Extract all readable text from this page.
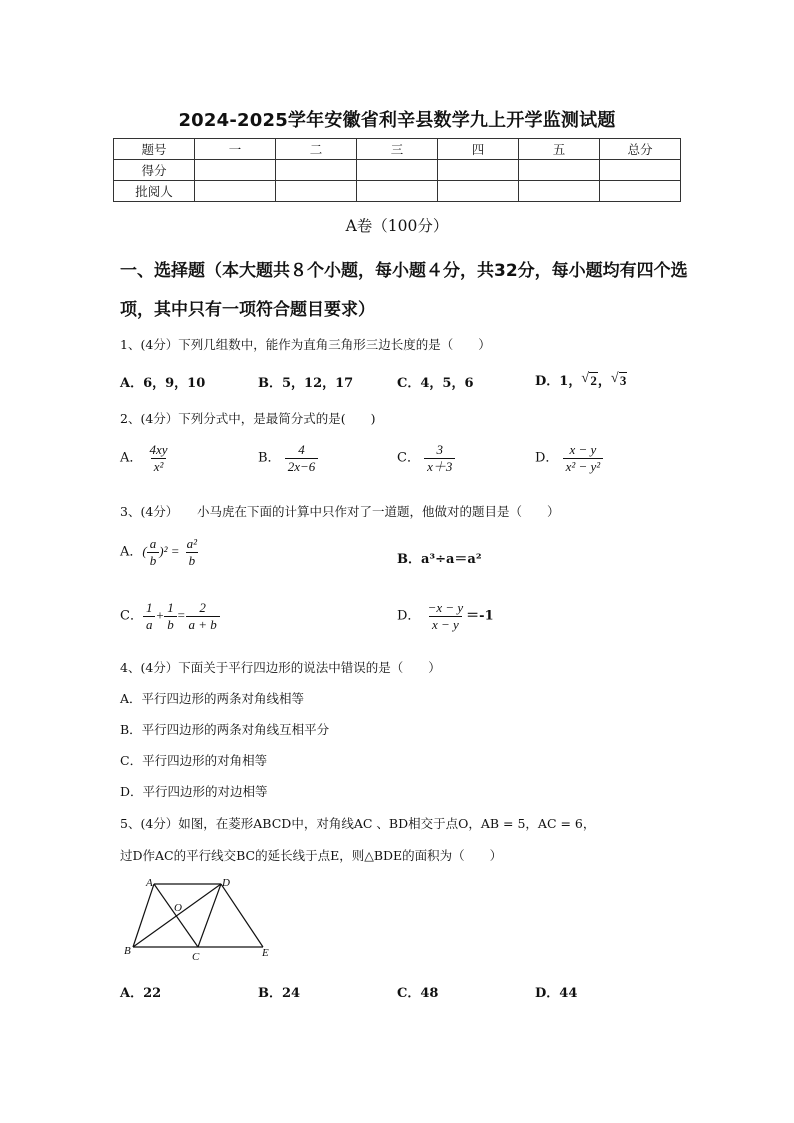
2024-2025学年安徽省利辛县数学九上开学监测试题
题号	一	二	三	四	五	总分
得分						
批阅人						
A卷（100分）
一、选择题（本大题共８个小题，每小题４分，共32分，每小题均有四个选项，其中只有一项符合题目要求）
1、(4分）下列几组数中，能作为直角三角形三边长度的是（　　）
A．6，9，10	B．5，12，17	C．4，5，6	D．1， √ 2， √ 3
2、(4分）下列分式中，是最简分式的是(　　)
A． $\frac{4xy}{\text{x²}}$	B． $\frac{4}{2x-6}$	C． $\frac{3}{x+3}$	D． $\frac{x - y}{\text{x² − y²}}$
3、(4分）　　小马虎在下面的计算中只作对了一道题，他做对的题目是（　　）
A．( $\frac{a}{b} )^2 = \frac{\text{a²}}{b}$	B．a³÷a＝a²
C． $\frac{1}{a} + \frac{1}{b} = \frac{2}{a + b}$	D． $\frac{-x - y}{x - y} =-1$
4、(4分）下面关于平行四边形的说法中错误的是（　　）
A．平行四边形的两条对角线相等
B．平行四边形的两条对角线互相平分
C．平行四边形的对角相等
D．平行四边形的对边相等
5、(4分）如图，在菱形ABCD中，对角线AC 、BD相交于点O，AB = 5，AC = 6，
过D作AC的平行线交BC的延长线于点E，则△BDE的面积为（　　）
A	D
O
B	C	E
A．22	B．24	C．48	D．44
